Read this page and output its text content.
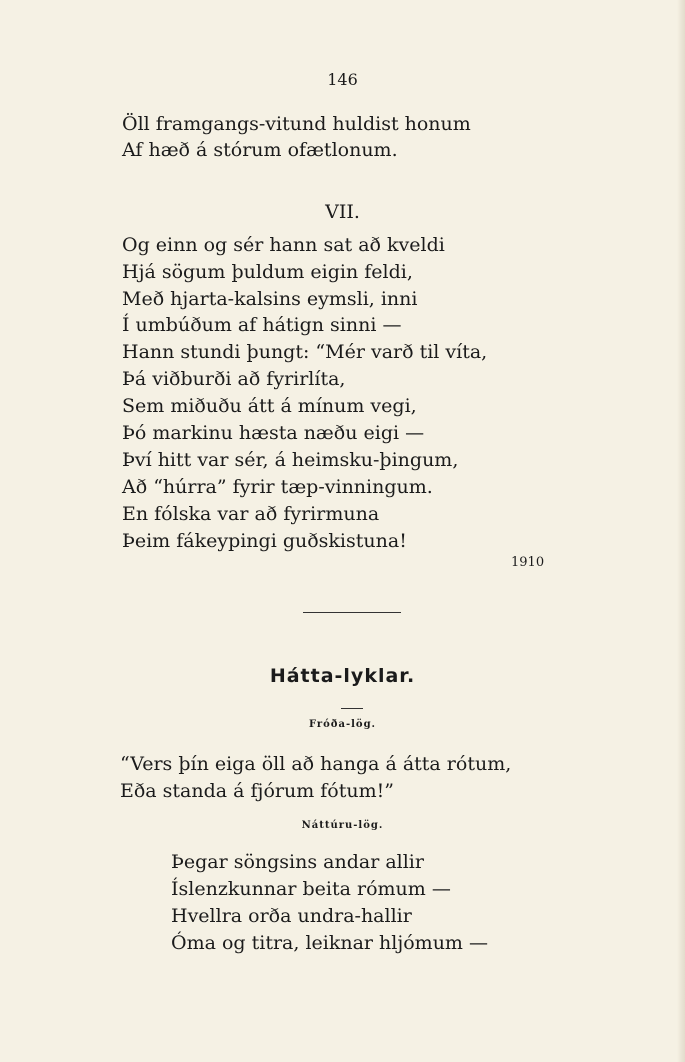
146
Öll framgangs-vitund huldist honum
Af hæð á stórum ofætlonum.
VII.
Og einn og sér hann sat að kveldi
Hjá sögum þuldum eigin feldi,
Með hjarta-kalsins eymsli, inni
Í umbúðum af hátign sinni —
Hann stundi þungt: “Mér varð til víta,
Þá viðburði að fyrirlíta,
Sem miðuðu átt á mínum vegi,
Þó markinu hæsta næðu eigi —
Því hitt var sér, á heimsku-þingum,
Að “húrra” fyrir tæp-vinningum.
En fólska var að fyrirmuna
Þeim fákeypingi guðskistuna!
1910
Hátta-lyklar.
Fróða-lög.
“Vers þín eiga öll að hanga á átta rótum,
Eða standa á fjórum fótum!”
Náttúru-lög.
Þegar söngsins andar allir
Íslenzkunnar beita rómum —
Hvellra orða undra-hallir
Óma og titra, leiknar hljómum —
